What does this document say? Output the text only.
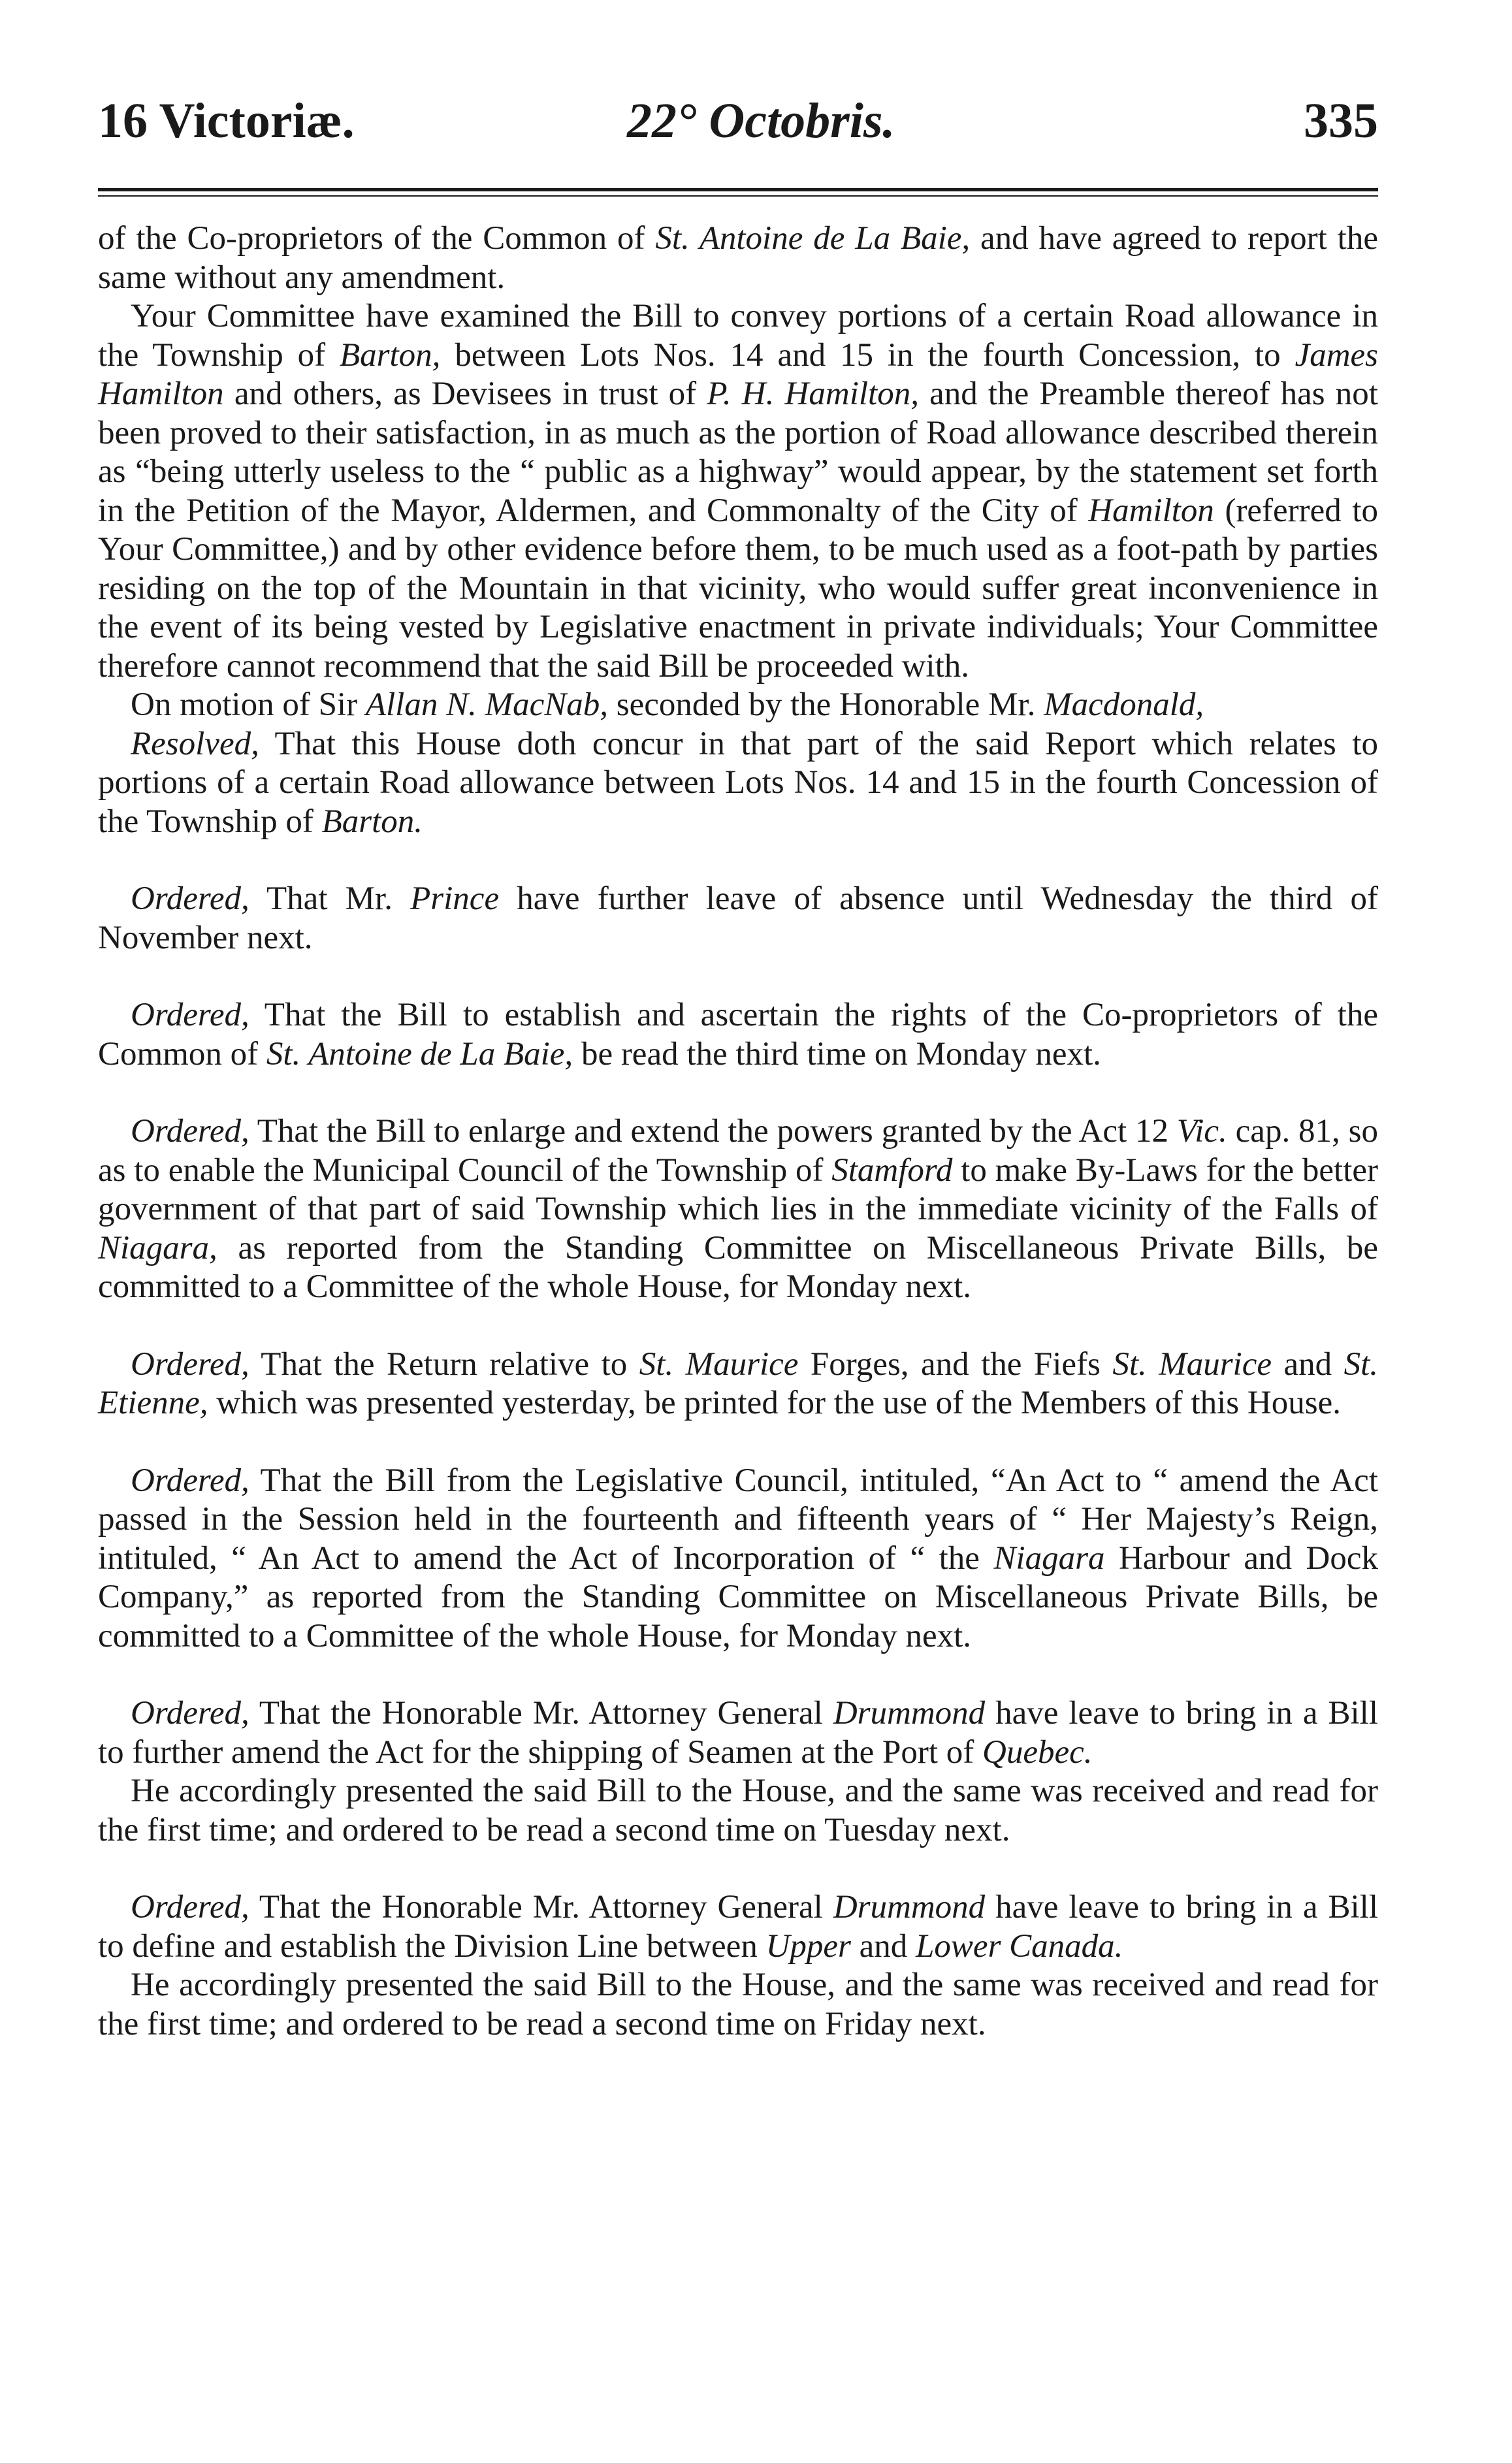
16 Victoriæ.	22° Octobris.	335

of the Co-proprietors of the Common of St. Antoine de La Baie, and have agreed to report the same without any amendment.

Your Committee have examined the Bill to convey portions of a certain Road allowance in the Township of Barton, between Lots Nos. 14 and 15 in the fourth Concession, to James Hamilton and others, as Devisees in trust of P. H. Hamilton, and the Preamble thereof has not been proved to their satisfaction, in as much as the portion of Road allowance described therein as “being utterly useless to the “ public as a highway” would appear, by the statement set forth in the Petition of the Mayor, Aldermen, and Commonalty of the City of Hamilton (referred to Your Committee,) and by other evidence before them, to be much used as a foot-path by parties residing on the top of the Mountain in that vicinity, who would suffer great inconvenience in the event of its being vested by Legislative enactment in private individuals; Your Committee therefore cannot recommend that the said Bill be proceeded with.

On motion of Sir Allan N. MacNab, seconded by the Honorable Mr. Macdonald,

Resolved, That this House doth concur in that part of the said Report which relates to portions of a certain Road allowance between Lots Nos. 14 and 15 in the fourth Concession of the Township of Barton.

Ordered, That Mr. Prince have further leave of absence until Wednesday the third of November next.

Ordered, That the Bill to establish and ascertain the rights of the Co-proprietors of the Common of St. Antoine de La Baie, be read the third time on Monday next.

Ordered, That the Bill to enlarge and extend the powers granted by the Act 12 Vic. cap. 81, so as to enable the Municipal Council of the Township of Stamford to make By-Laws for the better government of that part of said Township which lies in the immediate vicinity of the Falls of Niagara, as reported from the Standing Committee on Miscellaneous Private Bills, be committed to a Committee of the whole House, for Monday next.

Ordered, That the Return relative to St. Maurice Forges, and the Fiefs St. Maurice and St. Etienne, which was presented yesterday, be printed for the use of the Members of this House.

Ordered, That the Bill from the Legislative Council, intituled, “An Act to “ amend the Act passed in the Session held in the fourteenth and fifteenth years of “ Her Majesty’s Reign, intituled, “ An Act to amend the Act of Incorporation of “ the Niagara Harbour and Dock Company,” as reported from the Standing Committee on Miscellaneous Private Bills, be committed to a Committee of the whole House, for Monday next.

Ordered, That the Honorable Mr. Attorney General Drummond have leave to bring in a Bill to further amend the Act for the shipping of Seamen at the Port of Quebec.

He accordingly presented the said Bill to the House, and the same was received and read for the first time; and ordered to be read a second time on Tuesday next.

Ordered, That the Honorable Mr. Attorney General Drummond have leave to bring in a Bill to define and establish the Division Line between Upper and Lower Canada.

He accordingly presented the said Bill to the House, and the same was received and read for the first time; and ordered to be read a second time on Friday next.
